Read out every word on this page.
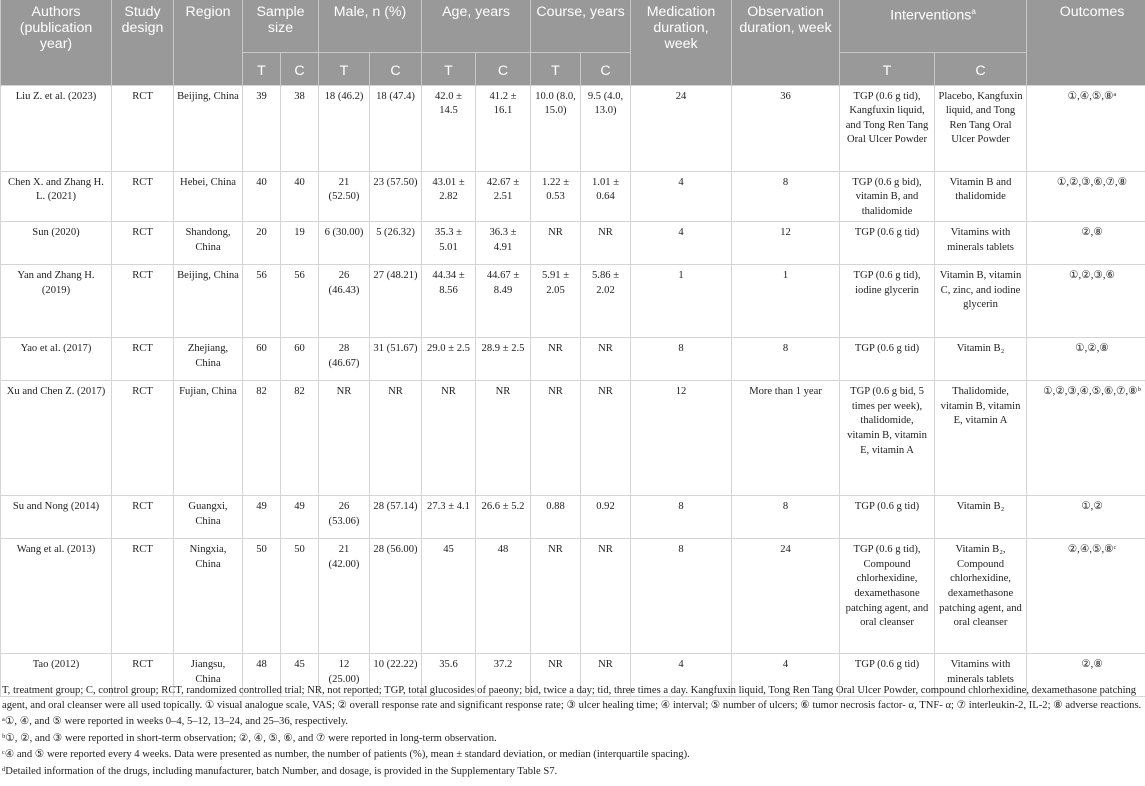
Authors (publication year)	Study design	Region	Sample size		Male, n (%)		Age, years		Course, years		Medication duration, week	Observation duration, week	Interventions$^a$		Outcomes
			T	C	T	C	T	C	T	C			T	C	
Liu Z. et al. (2023)	RCT	Beijing, China	39	38	18 (46.2)	18 (47.4)	42.0 ± 14.5	41.2 ± 16.1	10.0 (8.0, 15.0)	9.5 (4.0, 13.0)	24	36	TGP (0.6 g tid), Kangfuxin liquid, and Tong Ren Tang Oral Ulcer Powder	Placebo, Kangfuxin liquid, and Tong Ren Tang Oral Ulcer Powder	①,④,⑤,⑧ᵃ
Chen X. and Zhang H. L. (2021)	RCT	Hebei, China	40	40	21 (52.50)	23 (57.50)	43.01 ± 2.82	42.67 ± 2.51	1.22 ± 0.53	1.01 ± 0.64	4	8	TGP (0.6 g bid), vitamin B, and thalidomide	Vitamin B and thalidomide	①,②,③,⑥,⑦,⑧
Sun (2020)	RCT	Shandong, China	20	19	6 (30.00)	5 (26.32)	35.3 ± 5.01	36.3 ± 4.91	NR	NR	4	12	TGP (0.6 g tid)	Vitamins with minerals tablets	②,⑧
Yan and Zhang H. (2019)	RCT	Beijing, China	56	56	26 (46.43)	27 (48.21)	44.34 ± 8.56	44.67 ± 8.49	5.91 ± 2.05	5.86 ± 2.02	1	1	TGP (0.6 g tid), iodine glycerin	Vitamin B, vitamin C, zinc, and iodine glycerin	①,②,③,⑥
Yao et al. (2017)	RCT	Zhejiang, China	60	60	28 (46.67)	31 (51.67)	29.0 ± 2.5	28.9 ± 2.5	NR	NR	8	8	TGP (0.6 g tid)	Vitamin B₂	①,②,⑧
Xu and Chen Z. (2017)	RCT	Fujian, China	82	82	NR	NR	NR	NR	NR	NR	12	More than 1 year	TGP (0.6 g bid, 5 times per week), thalidomide, vitamin B, vitamin E, vitamin A	Thalidomide, vitamin B, vitamin E, vitamin A	①,②,③,④,⑤,⑥,⑦,⑧ᵇ
Su and Nong (2014)	RCT	Guangxi, China	49	49	26 (53.06)	28 (57.14)	27.3 ± 4.1	26.6 ± 5.2	0.88	0.92	8	8	TGP (0.6 g tid)	Vitamin B₂	①,②
Wang et al. (2013)	RCT	Ningxia, China	50	50	21 (42.00)	28 (56.00)	45	48	NR	NR	8	24	TGP (0.6 g tid), Compound chlorhexidine, dexamethasone patching agent, and oral cleanser	Vitamin B₂, Compound chlorhexidine, dexamethasone patching agent, and oral cleanser	②,④,⑤,⑧ᶜ
Tao (2012)	RCT	Jiangsu, China	48	45	12 (25.00)	10 (22.22)	35.6	37.2	NR	NR	4	4	TGP (0.6 g tid)	Vitamins with minerals tablets	②,⑧

T, treatment group; C, control group; RCT, randomized controlled trial; NR, not reported; TGP, total glucosides of paeony; bid, twice a day; tid, three times a day. Kangfuxin liquid, Tong Ren Tang Oral Ulcer Powder, compound chlorhexidine, dexamethasone patching agent, and oral cleanser were all used topically. ① visual analogue scale, VAS; ② overall response rate and significant response rate; ③ ulcer healing time; ④ interval; ⑤ number of ulcers; ⑥ tumor necrosis factor- α, TNF- α; ⑦ interleukin-2, IL-2; ⑧ adverse reactions.

ᵃ①, ④, and ⑤ were reported in weeks 0–4, 5–12, 13–24, and 25–36, respectively.

ᵇ①, ②, and ③ were reported in short-term observation; ②, ④, ⑤, ⑥, and ⑦ were reported in long-term observation.

ᶜ④ and ⑤ were reported every 4 weeks. Data were presented as number, the number of patients (%), mean ± standard deviation, or median (interquartile spacing).

ᵈDetailed information of the drugs, including manufacturer, batch Number, and dosage, is provided in the Supplementary Table S7.
